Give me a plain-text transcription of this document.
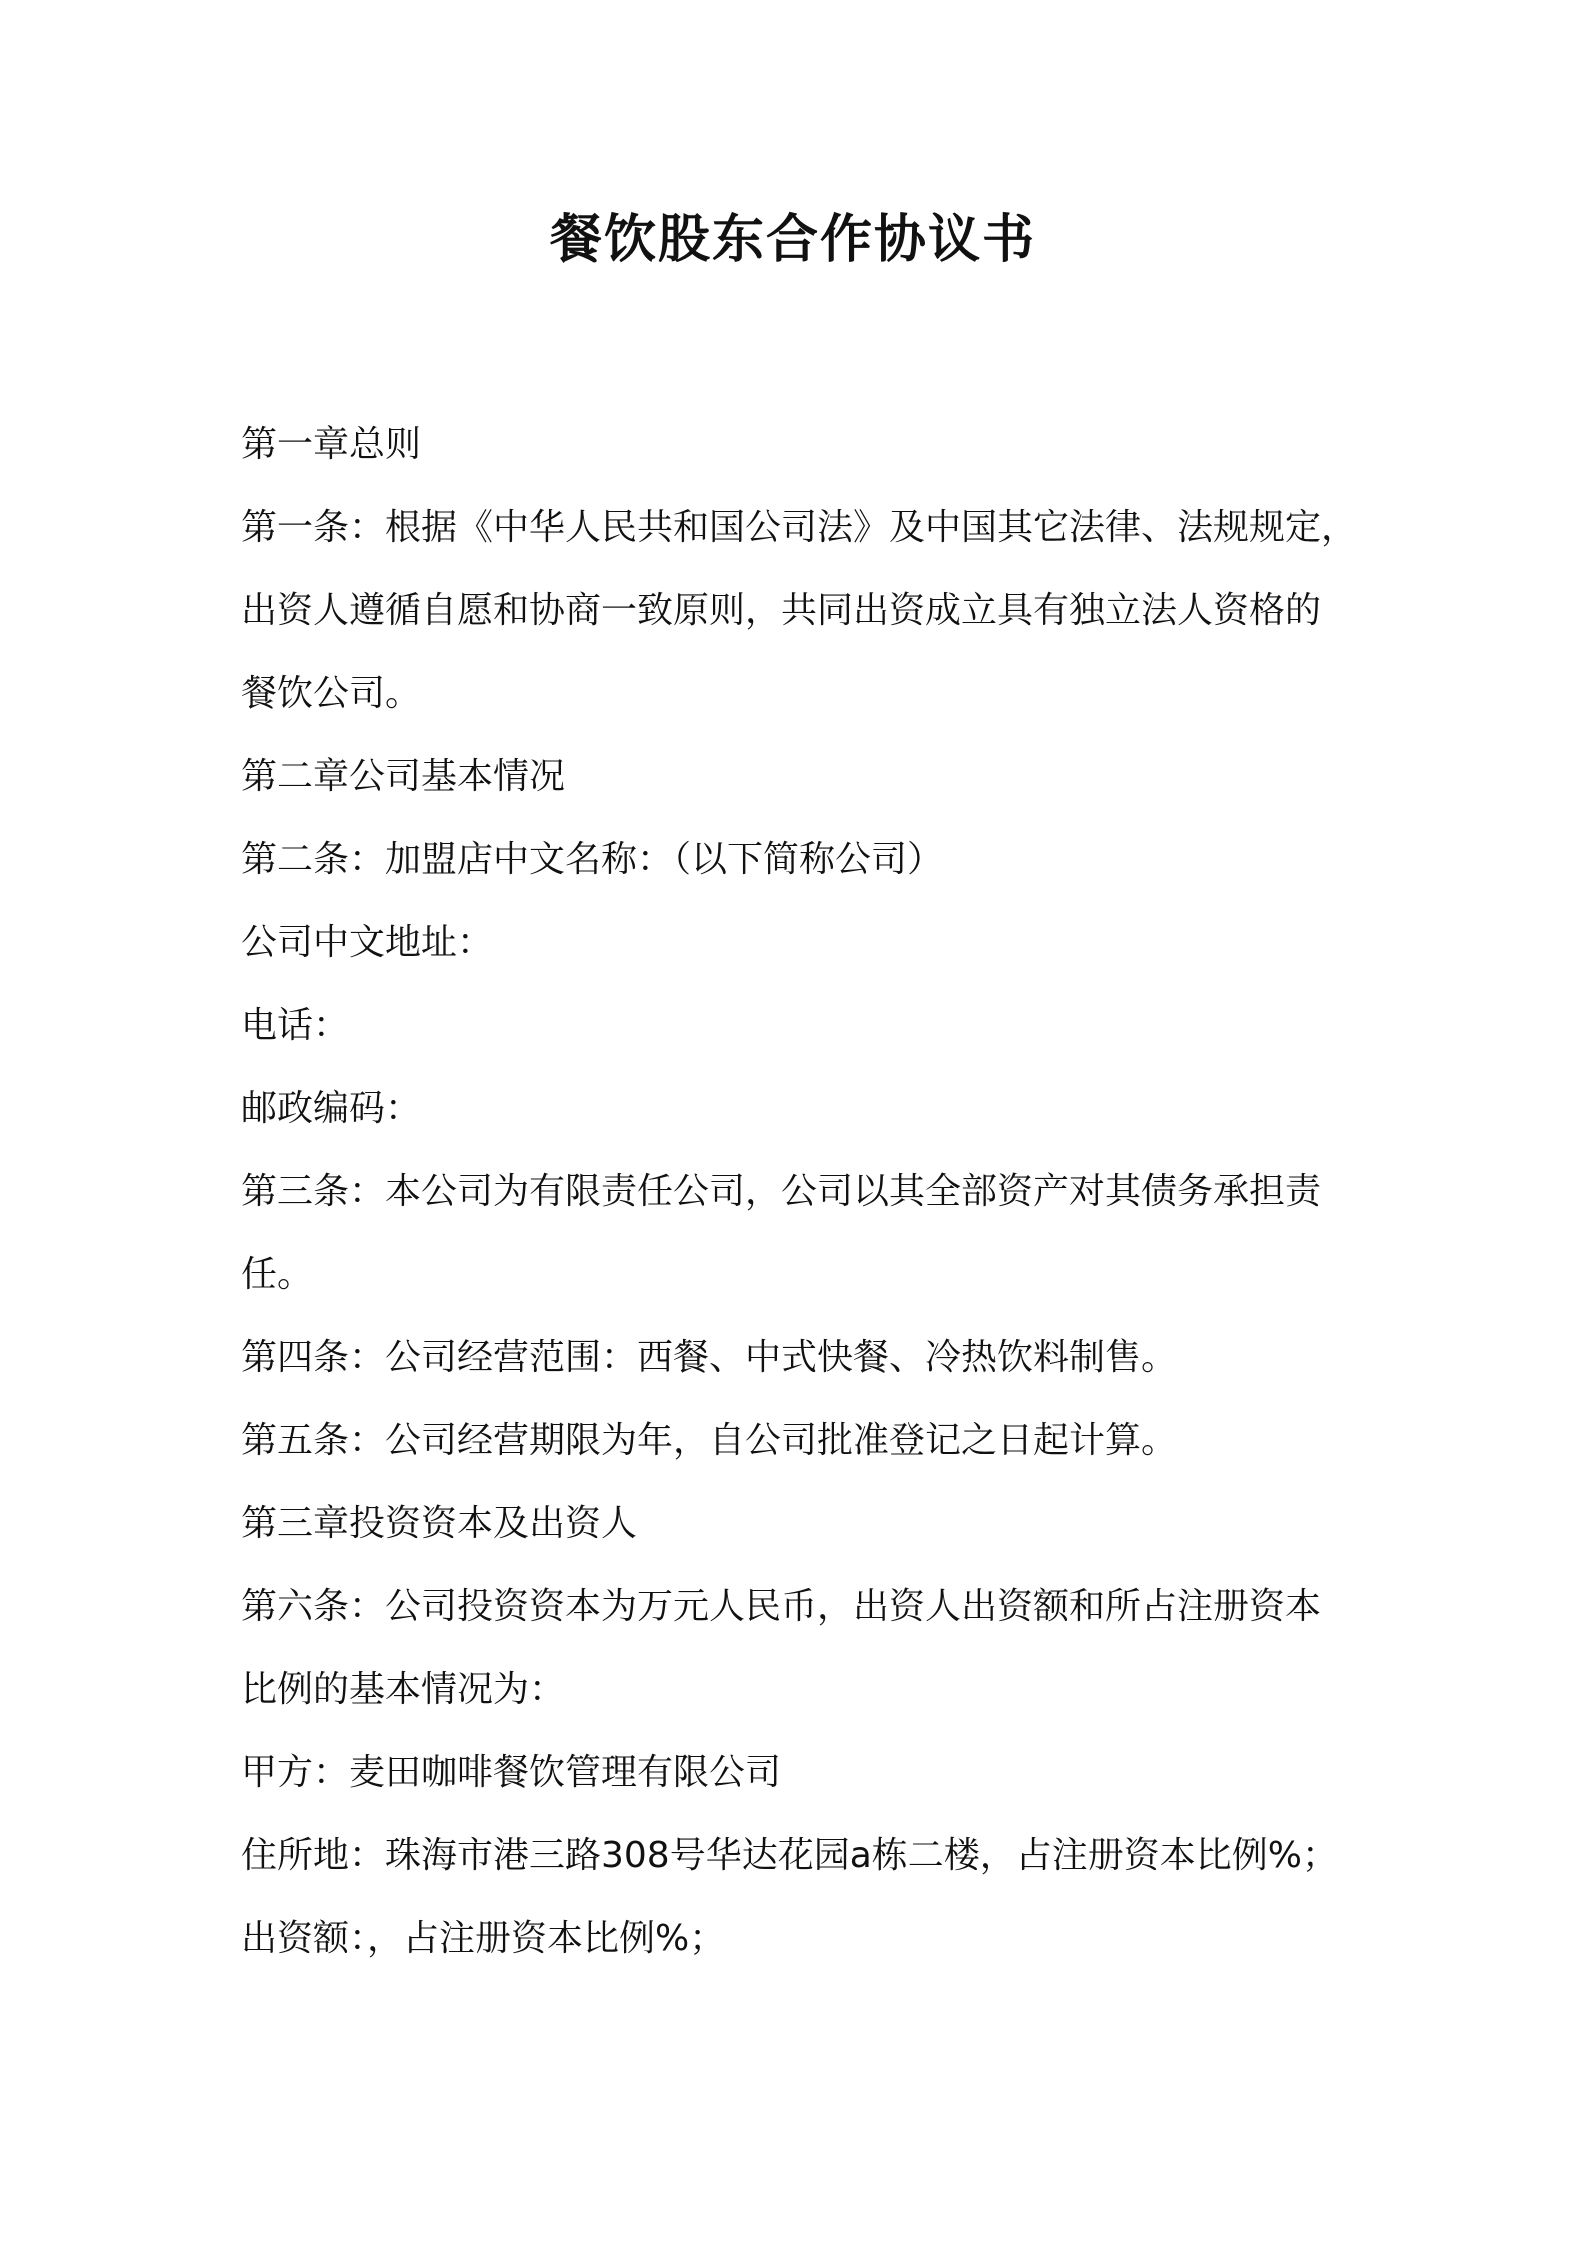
餐饮股东合作协议书
第一章总则
第一条：根据《中华人民共和国公司法》及中国其它法律、法规规定，
出资人遵循自愿和协商一致原则，共同出资成立具有独立法人资格的
餐饮公司。
第二章公司基本情况
第二条：加盟店中文名称：（以下简称公司）
公司中文地址：
电话：
邮政编码：
第三条：本公司为有限责任公司，公司以其全部资产对其债务承担责
任。
第四条：公司经营范围：西餐、中式快餐、冷热饮料制售。
第五条：公司经营期限为年，自公司批准登记之日起计算。
第三章投资资本及出资人
第六条：公司投资资本为万元人民币，出资人出资额和所占注册资本
比例的基本情况为：
甲方：麦田咖啡餐饮管理有限公司
住所地：珠海市港三路308号华达花园a栋二楼，占注册资本比例%；
出资额：，占注册资本比例%；
